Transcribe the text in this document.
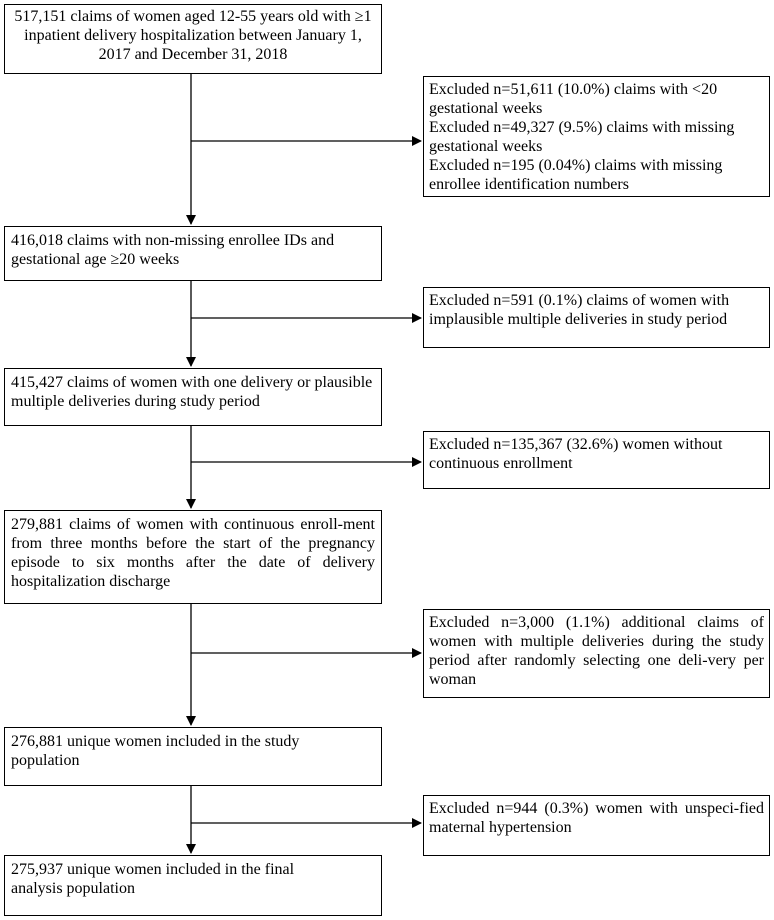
517,151 claims of women aged 12-55 years old with ≥1 inpatient delivery hospitalization between January 1, 2017 and December 31, 2018
416,018 claims with non-missing enrollee IDs and gestational age ≥20 weeks
415,427 claims of women with one delivery or plausible multiple deliveries during study period
279,881 claims of women with continuous enroll-ment from three months before the start of the pregnancy episode to six months after the date of delivery hospitalization discharge
276,881 unique women included in the study population
275,937 unique women included in the final analysis population
Excluded n=51,611 (10.0%) claims with <20 gestational weeks
Excluded n=49,327 (9.5%) claims with missing gestational weeks
Excluded n=195 (0.04%) claims with missing enrollee identification numbers
Excluded n=591 (0.1%) claims of women with implausible multiple deliveries in study period
Excluded n=135,367 (32.6%) women without continuous enrollment
Excluded n=3,000 (1.1%) additional claims of women with multiple deliveries during the study period after randomly selecting one deli-very per woman
Excluded n=944 (0.3%) women with unspeci-fied maternal hypertension
